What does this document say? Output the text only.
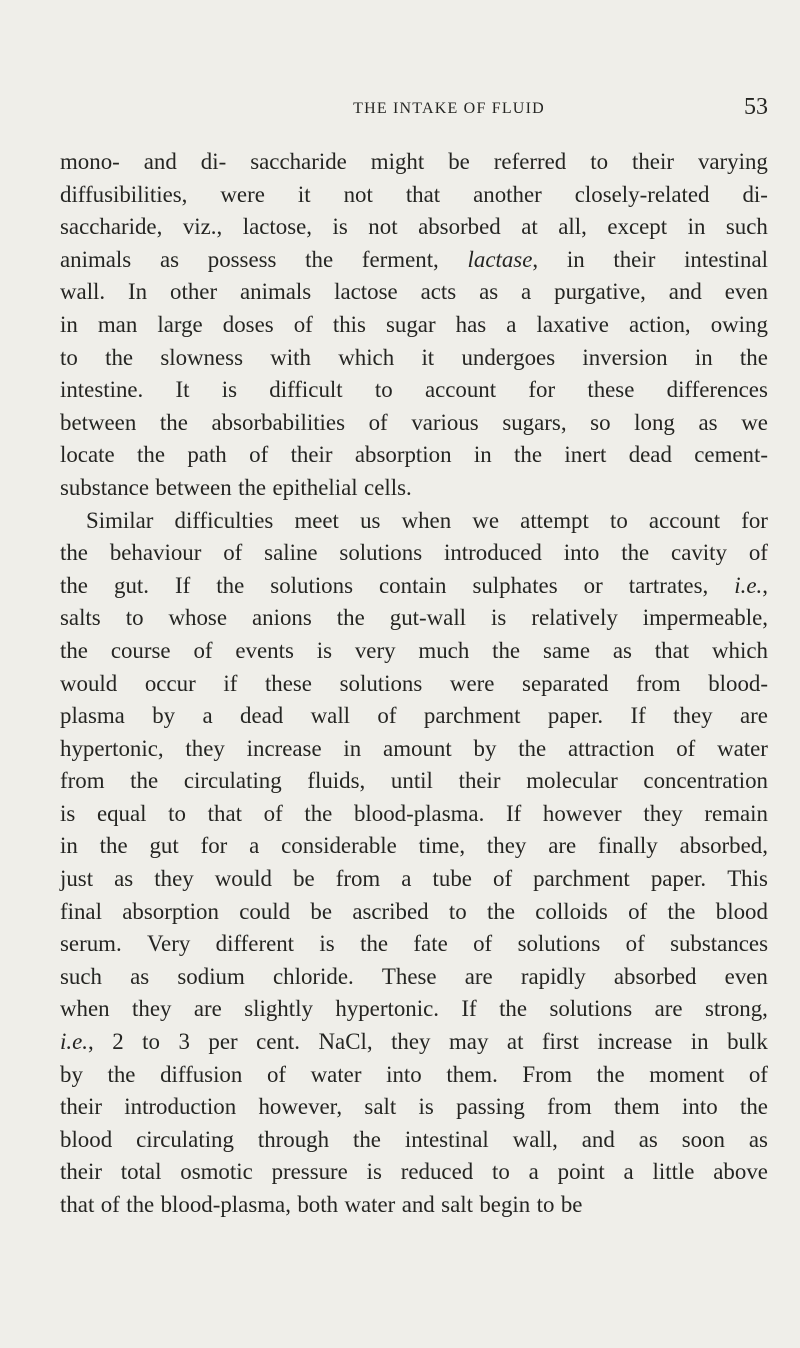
THE INTAKE OF FLUID	53
mono- and di- saccharide might be referred to their varying
diffusibilities, were it not that another closely-related di-
saccharide, viz., lactose, is not absorbed at all, except in such
animals as possess the ferment, lactase, in their intestinal
wall. In other animals lactose acts as a purgative, and even
in man large doses of this sugar has a laxative action, owing
to the slowness with which it undergoes inversion in the
intestine. It is difficult to account for these differences
between the absorbabilities of various sugars, so long as we
locate the path of their absorption in the inert dead cement-
substance between the epithelial cells.
Similar difficulties meet us when we attempt to account for
the behaviour of saline solutions introduced into the cavity of
the gut. If the solutions contain sulphates or tartrates, i.e.,
salts to whose anions the gut-wall is relatively impermeable,
the course of events is very much the same as that which
would occur if these solutions were separated from blood-
plasma by a dead wall of parchment paper. If they are
hypertonic, they increase in amount by the attraction of water
from the circulating fluids, until their molecular concentration
is equal to that of the blood-plasma. If however they remain
in the gut for a considerable time, they are finally absorbed,
just as they would be from a tube of parchment paper. This
final absorption could be ascribed to the colloids of the blood
serum. Very different is the fate of solutions of substances
such as sodium chloride. These are rapidly absorbed even
when they are slightly hypertonic. If the solutions are strong,
i.e., 2 to 3 per cent. NaCl, they may at first increase in bulk
by the diffusion of water into them. From the moment of
their introduction however, salt is passing from them into the
blood circulating through the intestinal wall, and as soon as
their total osmotic pressure is reduced to a point a little above
that of the blood-plasma, both water and salt begin to be
